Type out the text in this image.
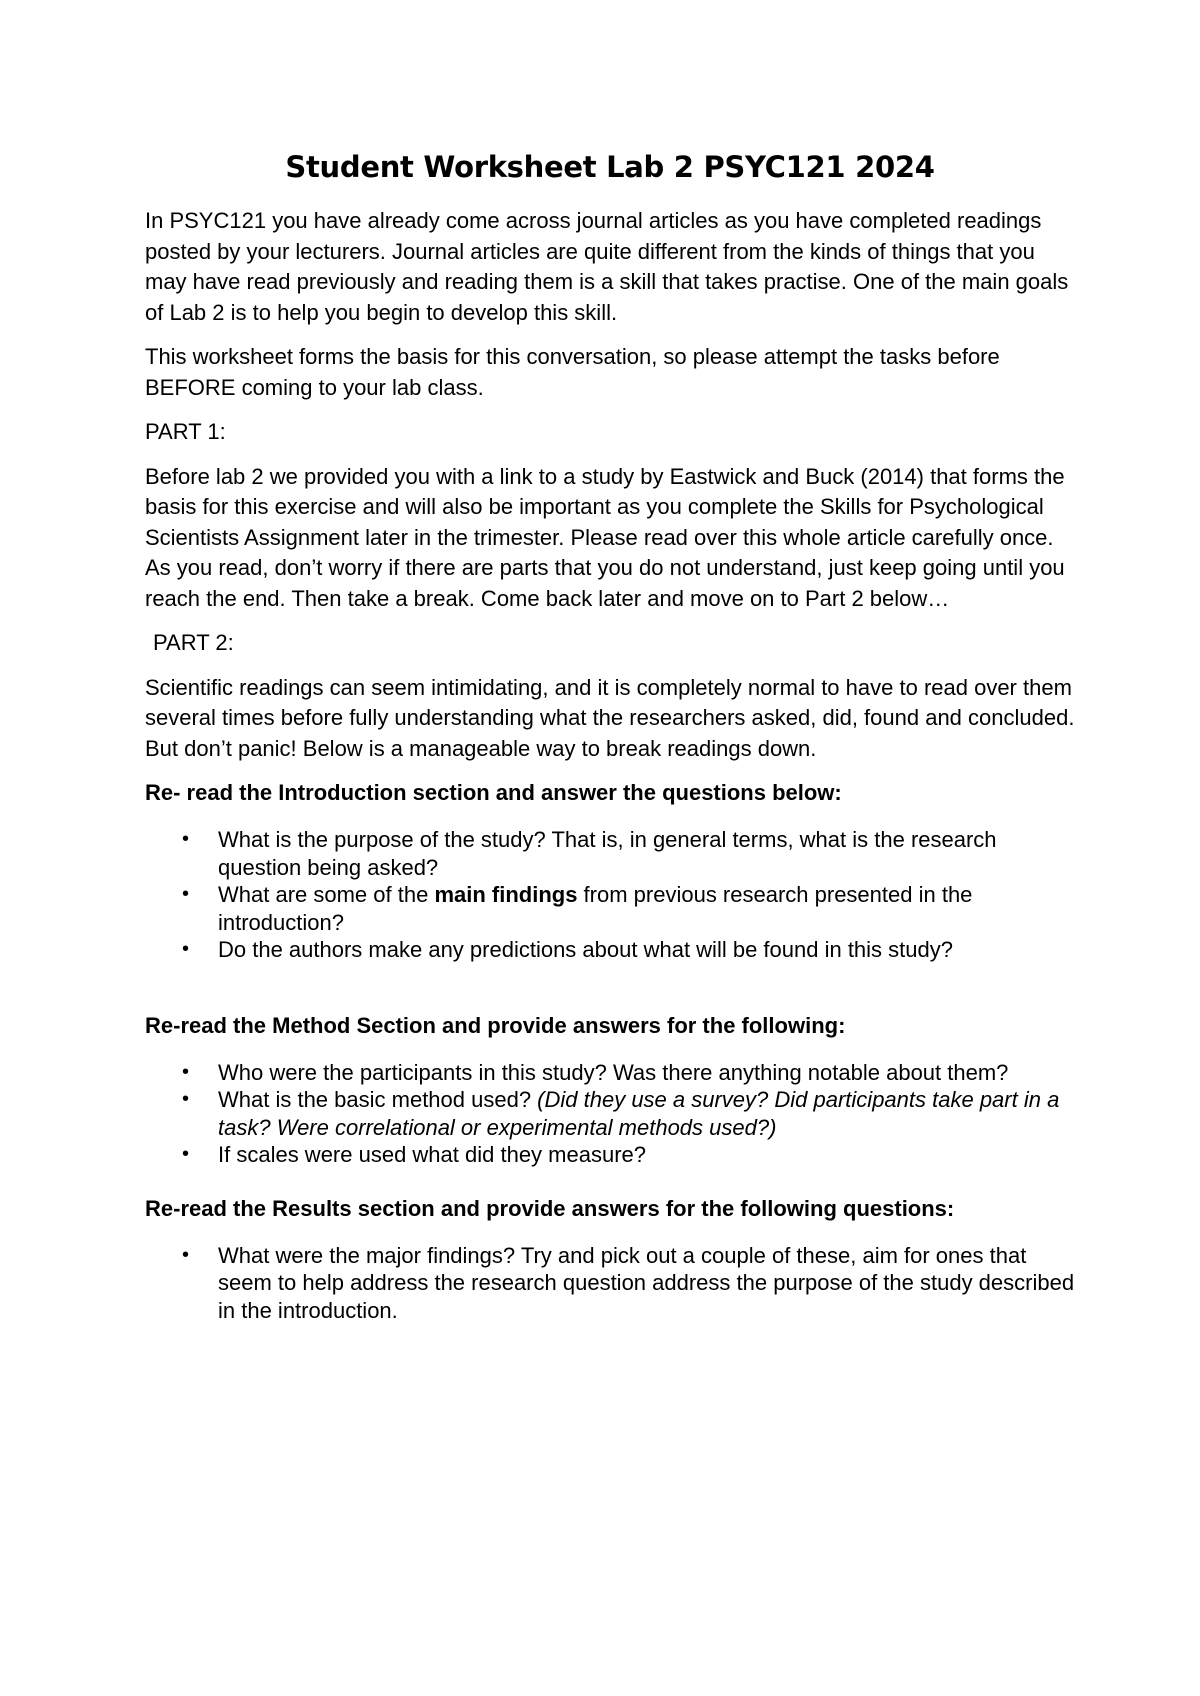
Student Worksheet Lab 2 PSYC121 2024

In PSYC121 you have already come across journal articles as you have completed readings posted by your lecturers. Journal articles are quite different from the kinds of things that you may have read previously and reading them is a skill that takes practise. One of the main goals of Lab 2 is to help you begin to develop this skill.

This worksheet forms the basis for this conversation, so please attempt the tasks before BEFORE coming to your lab class.

PART 1:

Before lab 2 we provided you with a link to a study by Eastwick and Buck (2014) that forms the basis for this exercise and will also be important as you complete the Skills for Psychological Scientists Assignment later in the trimester. Please read over this whole article carefully once. As you read, don’t worry if there are parts that you do not understand, just keep going until you reach the end. Then take a break. Come back later and move on to Part 2 below…

PART 2:

Scientific readings can seem intimidating, and it is completely normal to have to read over them several times before fully understanding what the researchers asked, did, found and concluded. But don’t panic! Below is a manageable way to break readings down.

Re- read the Introduction section and answer the questions below:
• What is the purpose of the study? That is, in general terms, what is the research question being asked?
• What are some of the main findings from previous research presented in the introduction?
• Do the authors make any predictions about what will be found in this study?
Re-read the Method Section and provide answers for the following:
• Who were the participants in this study? Was there anything notable about them?
• What is the basic method used? (Did they use a survey? Did participants take part in a task? Were correlational or experimental methods used?)
• If scales were used what did they measure?
Re-read the Results section and provide answers for the following questions:
• What were the major findings? Try and pick out a couple of these, aim for ones that seem to help address the research question address the purpose of the study described in the introduction.
